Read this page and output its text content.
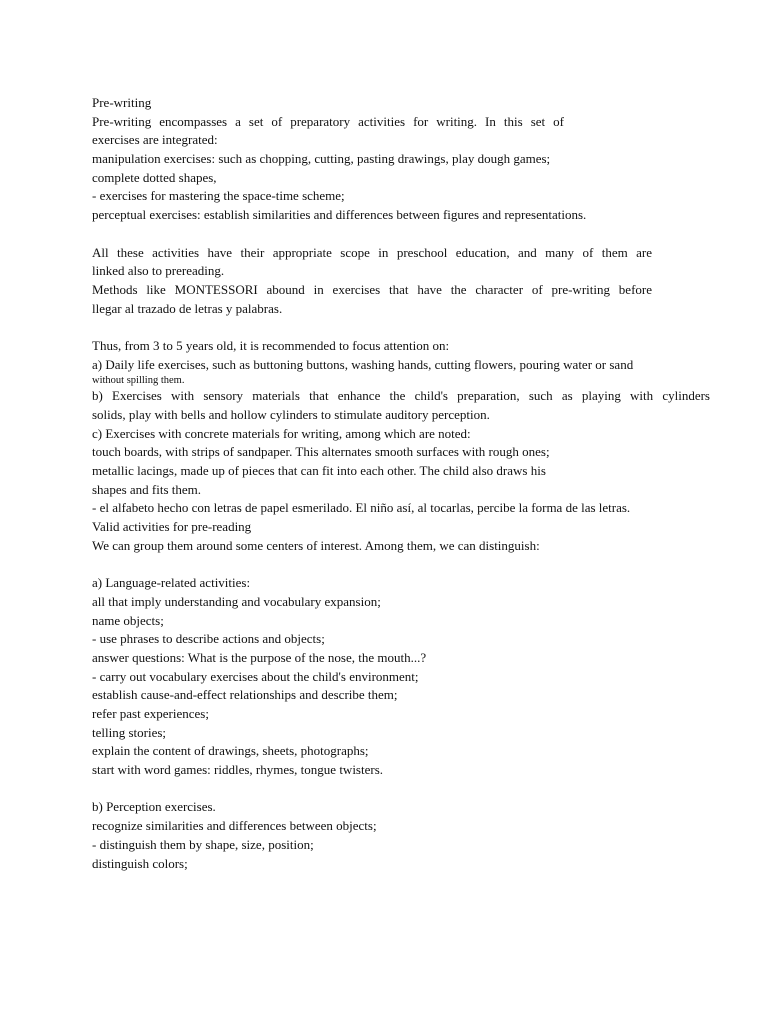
Pre-writing
Pre-writing encompasses a set of preparatory activities for writing. In this set of
exercises are integrated:
manipulation exercises: such as chopping, cutting, pasting drawings, play dough games;
complete dotted shapes,
- exercises for mastering the space-time scheme;
perceptual exercises: establish similarities and differences between figures and representations.
All these activities have their appropriate scope in preschool education, and many of them are
linked also to prereading.
Methods like MONTESSORI abound in exercises that have the character of pre-writing before
llegar al trazado de letras y palabras.
Thus, from 3 to 5 years old, it is recommended to focus attention on:
a) Daily life exercises, such as buttoning buttons, washing hands, cutting flowers, pouring water or sand
without spilling them.
b) Exercises with sensory materials that enhance the child's preparation, such as playing with cylinders
solids, play with bells and hollow cylinders to stimulate auditory perception.
c) Exercises with concrete materials for writing, among which are noted:
touch boards, with strips of sandpaper. This alternates smooth surfaces with rough ones;
metallic lacings, made up of pieces that can fit into each other. The child also draws his
shapes and fits them.
- el alfabeto hecho con letras de papel esmerilado. El niño así, al tocarlas, percibe la forma de las letras.
Valid activities for pre-reading
We can group them around some centers of interest. Among them, we can distinguish:
a) Language-related activities:
all that imply understanding and vocabulary expansion;
name objects;
- use phrases to describe actions and objects;
answer questions: What is the purpose of the nose, the mouth...?
- carry out vocabulary exercises about the child's environment;
establish cause-and-effect relationships and describe them;
refer past experiences;
telling stories;
explain the content of drawings, sheets, photographs;
start with word games: riddles, rhymes, tongue twisters.
b) Perception exercises.
recognize similarities and differences between objects;
- distinguish them by shape, size, position;
distinguish colors;
